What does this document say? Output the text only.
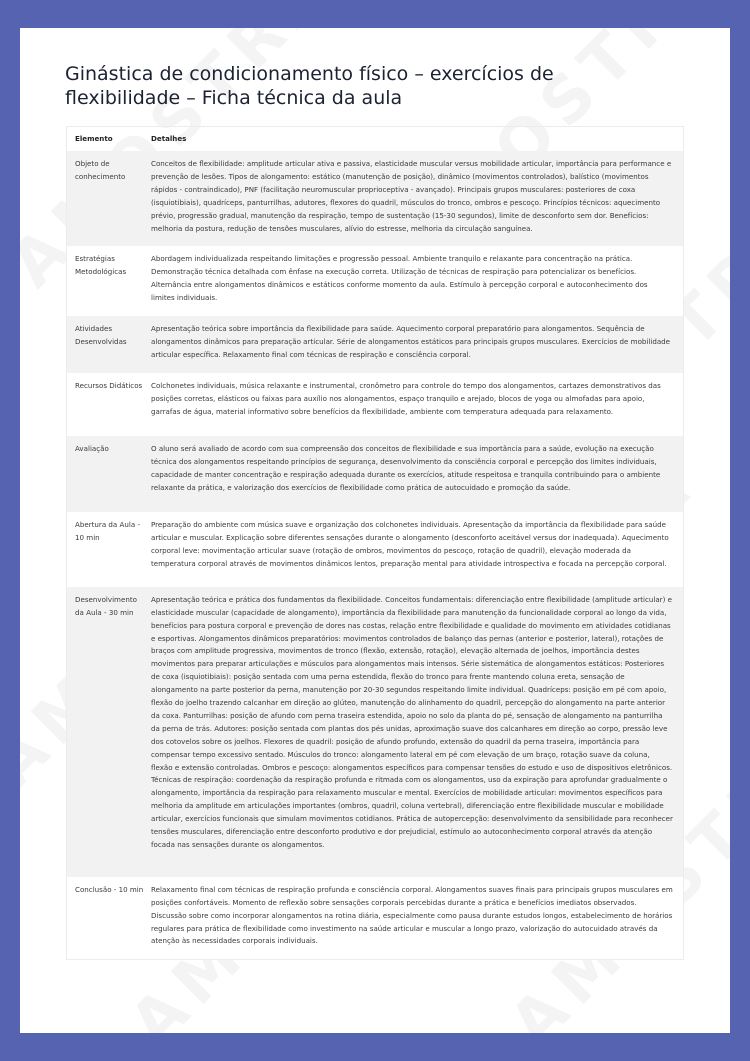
Ginástica de condicionamento físico – exercícios de flexibilidade – Ficha técnica da aula
Elemento	Detalhes
Objeto de conhecimento	Conceitos de flexibilidade: amplitude articular ativa e passiva, elasticidade muscular versus mobilidade articular, importância para performance e prevenção de lesões. Tipos de alongamento: estático (manutenção de posição), dinâmico (movimentos controlados), balístico (movimentos rápidos - contraindicado), PNF (facilitação neuromuscular proprioceptiva - avançado). Principais grupos musculares: posteriores de coxa (isquiotibiais), quadríceps, panturrilhas, adutores, flexores do quadril, músculos do tronco, ombros e pescoço. Princípios técnicos: aquecimento prévio, progressão gradual, manutenção da respiração, tempo de sustentação (15-30 segundos), limite de desconforto sem dor. Benefícios: melhoria da postura, redução de tensões musculares, alívio do estresse, melhoria da circulação sanguínea.
Estratégias Metodológicas	Abordagem individualizada respeitando limitações e progressão pessoal. Ambiente tranquilo e relaxante para concentração na prática. Demonstração técnica detalhada com ênfase na execução correta. Utilização de técnicas de respiração para potencializar os benefícios. Alternância entre alongamentos dinâmicos e estáticos conforme momento da aula. Estímulo à percepção corporal e autoconhecimento dos limites individuais.
Atividades Desenvolvidas	Apresentação teórica sobre importância da flexibilidade para saúde. Aquecimento corporal preparatório para alongamentos. Sequência de alongamentos dinâmicos para preparação articular. Série de alongamentos estáticos para principais grupos musculares. Exercícios de mobilidade articular específica. Relaxamento final com técnicas de respiração e consciência corporal.
Recursos Didáticos	Colchonetes individuais, música relaxante e instrumental, cronômetro para controle do tempo dos alongamentos, cartazes demonstrativos das posições corretas, elásticos ou faixas para auxílio nos alongamentos, espaço tranquilo e arejado, blocos de yoga ou almofadas para apoio, garrafas de água, material informativo sobre benefícios da flexibilidade, ambiente com temperatura adequada para relaxamento.
Avaliação	O aluno será avaliado de acordo com sua compreensão dos conceitos de flexibilidade e sua importância para a saúde, evolução na execução técnica dos alongamentos respeitando princípios de segurança, desenvolvimento da consciência corporal e percepção dos limites individuais, capacidade de manter concentração e respiração adequada durante os exercícios, atitude respeitosa e tranquila contribuindo para o ambiente relaxante da prática, e valorização dos exercícios de flexibilidade como prática de autocuidado e promoção da saúde.
Abertura da Aula - 10 min	Preparação do ambiente com música suave e organização dos colchonetes individuais. Apresentação da importância da flexibilidade para saúde articular e muscular. Explicação sobre diferentes sensações durante o alongamento (desconforto aceitável versus dor inadequada). Aquecimento corporal leve: movimentação articular suave (rotação de ombros, movimentos do pescoço, rotação de quadril), elevação moderada da temperatura corporal através de movimentos dinâmicos lentos, preparação mental para atividade introspectiva e focada na percepção corporal.
Desenvolvimento da Aula - 30 min	Apresentação teórica e prática dos fundamentos da flexibilidade. Conceitos fundamentais: diferenciação entre flexibilidade (amplitude articular) e elasticidade muscular (capacidade de alongamento), importância da flexibilidade para manutenção da funcionalidade corporal ao longo da vida, benefícios para postura corporal e prevenção de dores nas costas, relação entre flexibilidade e qualidade do movimento em atividades cotidianas e esportivas. Alongamentos dinâmicos preparatórios: movimentos controlados de balanço das pernas (anterior e posterior, lateral), rotações de braços com amplitude progressiva, movimentos de tronco (flexão, extensão, rotação), elevação alternada de joelhos, importância destes movimentos para preparar articulações e músculos para alongamentos mais intensos. Série sistemática de alongamentos estáticos: Posteriores de coxa (isquiotibiais): posição sentada com uma perna estendida, flexão do tronco para frente mantendo coluna ereta, sensação de alongamento na parte posterior da perna, manutenção por 20-30 segundos respeitando limite individual. Quadríceps: posição em pé com apoio, flexão do joelho trazendo calcanhar em direção ao glúteo, manutenção do alinhamento do quadril, percepção do alongamento na parte anterior da coxa. Panturrilhas: posição de afundo com perna traseira estendida, apoio no solo da planta do pé, sensação de alongamento na panturrilha da perna de trás. Adutores: posição sentada com plantas dos pés unidas, aproximação suave dos calcanhares em direção ao corpo, pressão leve dos cotovelos sobre os joelhos. Flexores de quadril: posição de afundo profundo, extensão do quadril da perna traseira, importância para compensar tempo excessivo sentado. Músculos do tronco: alongamento lateral em pé com elevação de um braço, rotação suave da coluna, flexão e extensão controladas. Ombros e pescoço: alongamentos específicos para compensar tensões do estudo e uso de dispositivos eletrônicos. Técnicas de respiração: coordenação da respiração profunda e ritmada com os alongamentos, uso da expiração para aprofundar gradualmente o alongamento, importância da respiração para relaxamento muscular e mental. Exercícios de mobilidade articular: movimentos específicos para melhoria da amplitude em articulações importantes (ombros, quadril, coluna vertebral), diferenciação entre flexibilidade muscular e mobilidade articular, exercícios funcionais que simulam movimentos cotidianos. Prática de autopercepção: desenvolvimento da sensibilidade para reconhecer tensões musculares, diferenciação entre desconforto produtivo e dor prejudicial, estímulo ao autoconhecimento corporal através da atenção focada nas sensações durante os alongamentos.
Conclusão - 10 min	Relaxamento final com técnicas de respiração profunda e consciência corporal. Alongamentos suaves finais para principais grupos musculares em posições confortáveis. Momento de reflexão sobre sensações corporais percebidas durante a prática e benefícios imediatos observados. Discussão sobre como incorporar alongamentos na rotina diária, especialmente como pausa durante estudos longos, estabelecimento de horários regulares para prática de flexibilidade como investimento na saúde articular e muscular a longo prazo, valorização do autocuidado através da atenção às necessidades corporais individuais.
